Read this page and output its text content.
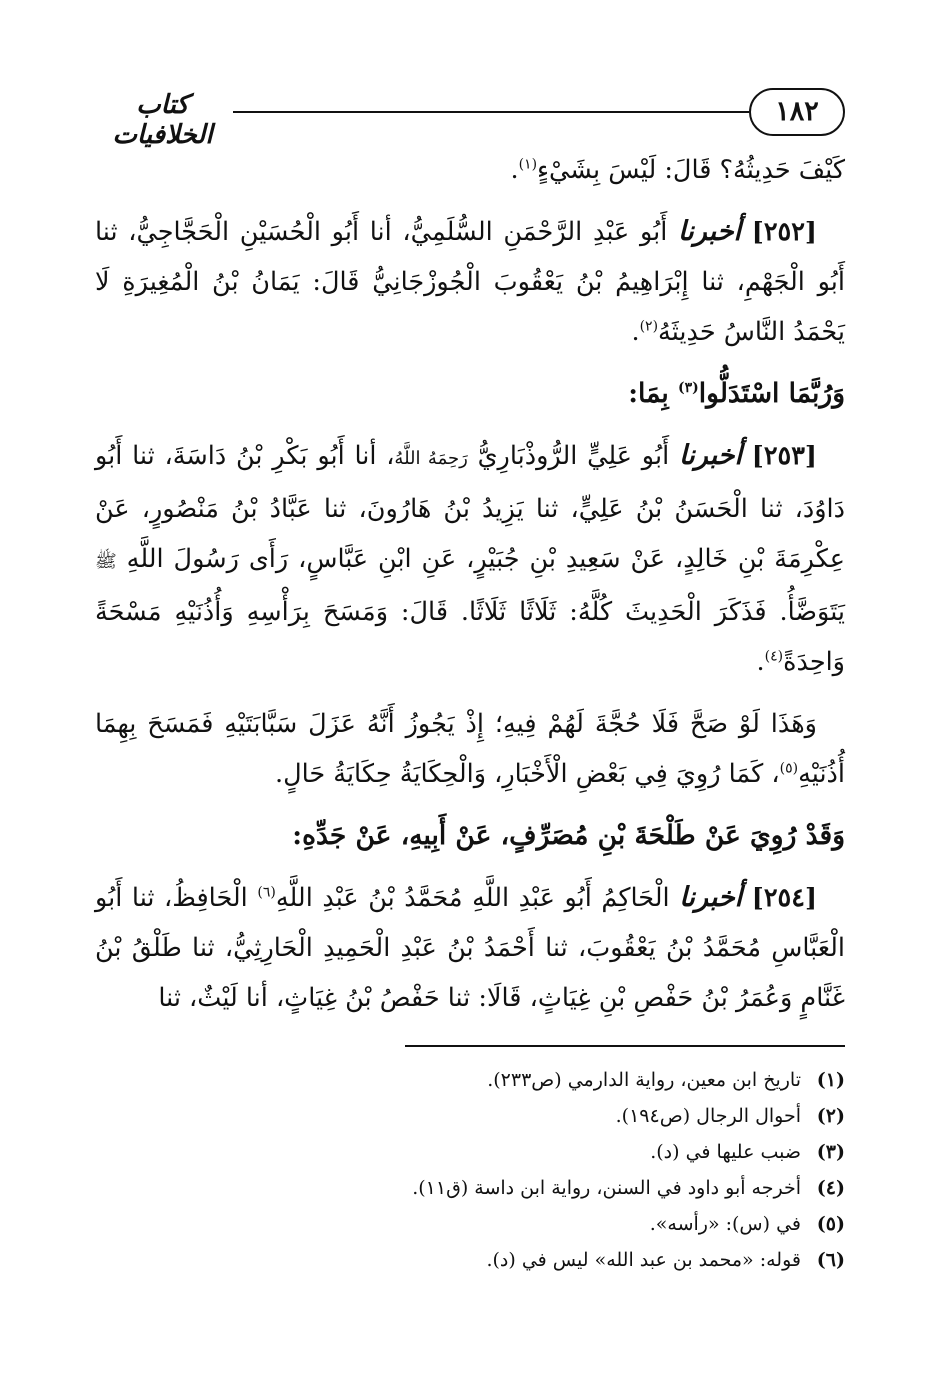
١٨٢
كتاب الخلافيات

كَيْفَ حَدِيثُهُ؟ قَالَ: لَيْسَ بِشَيْءٍ$^{(١)}$.

[٢٥٢] أخبرنا أَبُو عَبْدِ الرَّحْمَنِ السُّلَمِيُّ، أنا أَبُو الْحُسَيْنِ الْحَجَّاجِيُّ، ثنا أَبُو الْجَهْمِ، ثنا إِبْرَاهِيمُ بْنُ يَعْقُوبَ الْجُوزْجَانِيُّ قَالَ: يَمَانُ بْنُ الْمُغِيرَةِ لَا يَحْمَدُ النَّاسُ حَدِيثَهُ$^{(٢)}$.

وَرُبَّمَا اسْتَدَلُّوا$^{(٣)}$ بِمَا:

[٢٥٣] أخبرنا أَبُو عَلِيٍّ الرُّوذْبَارِيُّ رَحِمَهُ اللَّهُ، أنا أَبُو بَكْرِ بْنُ دَاسَةَ، ثنا أَبُو دَاوُدَ، ثنا الْحَسَنُ بْنُ عَلِيٍّ، ثنا يَزِيدُ بْنُ هَارُونَ، ثنا عَبَّادُ بْنُ مَنْصُورٍ، عَنْ عِكْرِمَةَ بْنِ خَالِدٍ، عَنْ سَعِيدِ بْنِ جُبَيْرٍ، عَنِ ابْنِ عَبَّاسٍ، رَأَى رَسُولَ اللَّهِ ﷺ يَتَوَضَّأُ. فَذَكَرَ الْحَدِيثَ كُلَّهُ: ثَلَاثًا ثَلَاثًا. قَالَ: وَمَسَحَ بِرَأْسِهِ وَأُذُنَيْهِ مَسْحَةً وَاحِدَةً$^{(٤)}$.

وَهَذَا لَوْ صَحَّ فَلَا حُجَّةَ لَهُمْ فِيهِ؛ إِذْ يَجُوزُ أَنَّهُ عَزَلَ سَبَّابَتَيْهِ فَمَسَحَ بِهِمَا أُذُنَيْهِ$^{(٥)}$، كَمَا رُوِيَ فِي بَعْضِ الْأَخْبَارِ، وَالْحِكَايَةُ حِكَايَةُ حَالٍ.

وَقَدْ رُوِيَ عَنْ طَلْحَةَ بْنِ مُصَرِّفٍ، عَنْ أَبِيهِ، عَنْ جَدِّهِ:

[٢٥٤] أخبرنا الْحَاكِمُ أَبُو عَبْدِ اللَّهِ مُحَمَّدُ بْنُ عَبْدِ اللَّهِ$^{(٦)}$ الْحَافِظُ، ثنا أَبُو الْعَبَّاسِ مُحَمَّدُ بْنُ يَعْقُوبَ، ثنا أَحْمَدُ بْنُ عَبْدِ الْحَمِيدِ الْحَارِثِيُّ، ثنا طَلْقُ بْنُ غَنَّامٍ وَعُمَرُ بْنُ حَفْصِ بْنِ غِيَاثٍ، قَالَا: ثنا حَفْصُ بْنُ غِيَاثٍ، أنا لَيْثٌ، ثنا

(١)
تاريخ ابن معين، رواية الدارمي (ص٢٣٣).
(٢)
أحوال الرجال (ص١٩٤).
(٣)
ضبب عليها في (د).
(٤)
أخرجه أبو داود في السنن، رواية ابن داسة (ق١١).
(٥)
في (س): «رأسه».
(٦)
قوله: «محمد بن عبد الله» ليس في (د).
